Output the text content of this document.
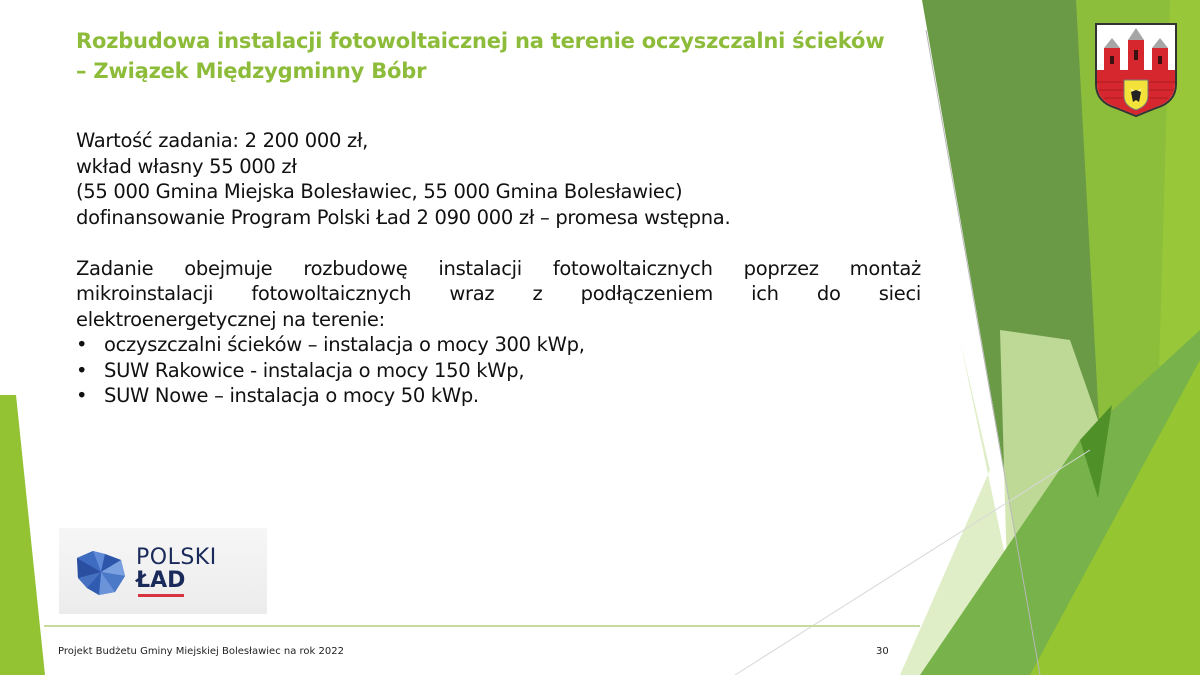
Rozbudowa instalacji fotowoltaicznej na terenie oczyszczalni ścieków
– Związek Międzygminny Bóbr

Wartość zadania: 2 200 000 zł,

wkład własny 55 000 zł

(55 000 Gmina Miejska Bolesławiec, 55 000 Gmina Bolesławiec)

dofinansowanie Program Polski Ład 2 090 000 zł – promesa wstępna.

Zadanie obejmuje rozbudowę instalacji fotowoltaicznych poprzez montaż
mikroinstalacji fotowoltaicznych wraz z podłączeniem ich do sieci

elektroenergetycznej na terenie:

• oczyszczalni ścieków – instalacja o mocy 300 kWp,
• SUW Rakowice - instalacja o mocy 150 kWp,
• SUW Nowe – instalacja o mocy 50 kWp.
POLSKI
ŁAD
Projekt Budżetu Gminy Miejskiej Bolesławiec na rok 2022	30
